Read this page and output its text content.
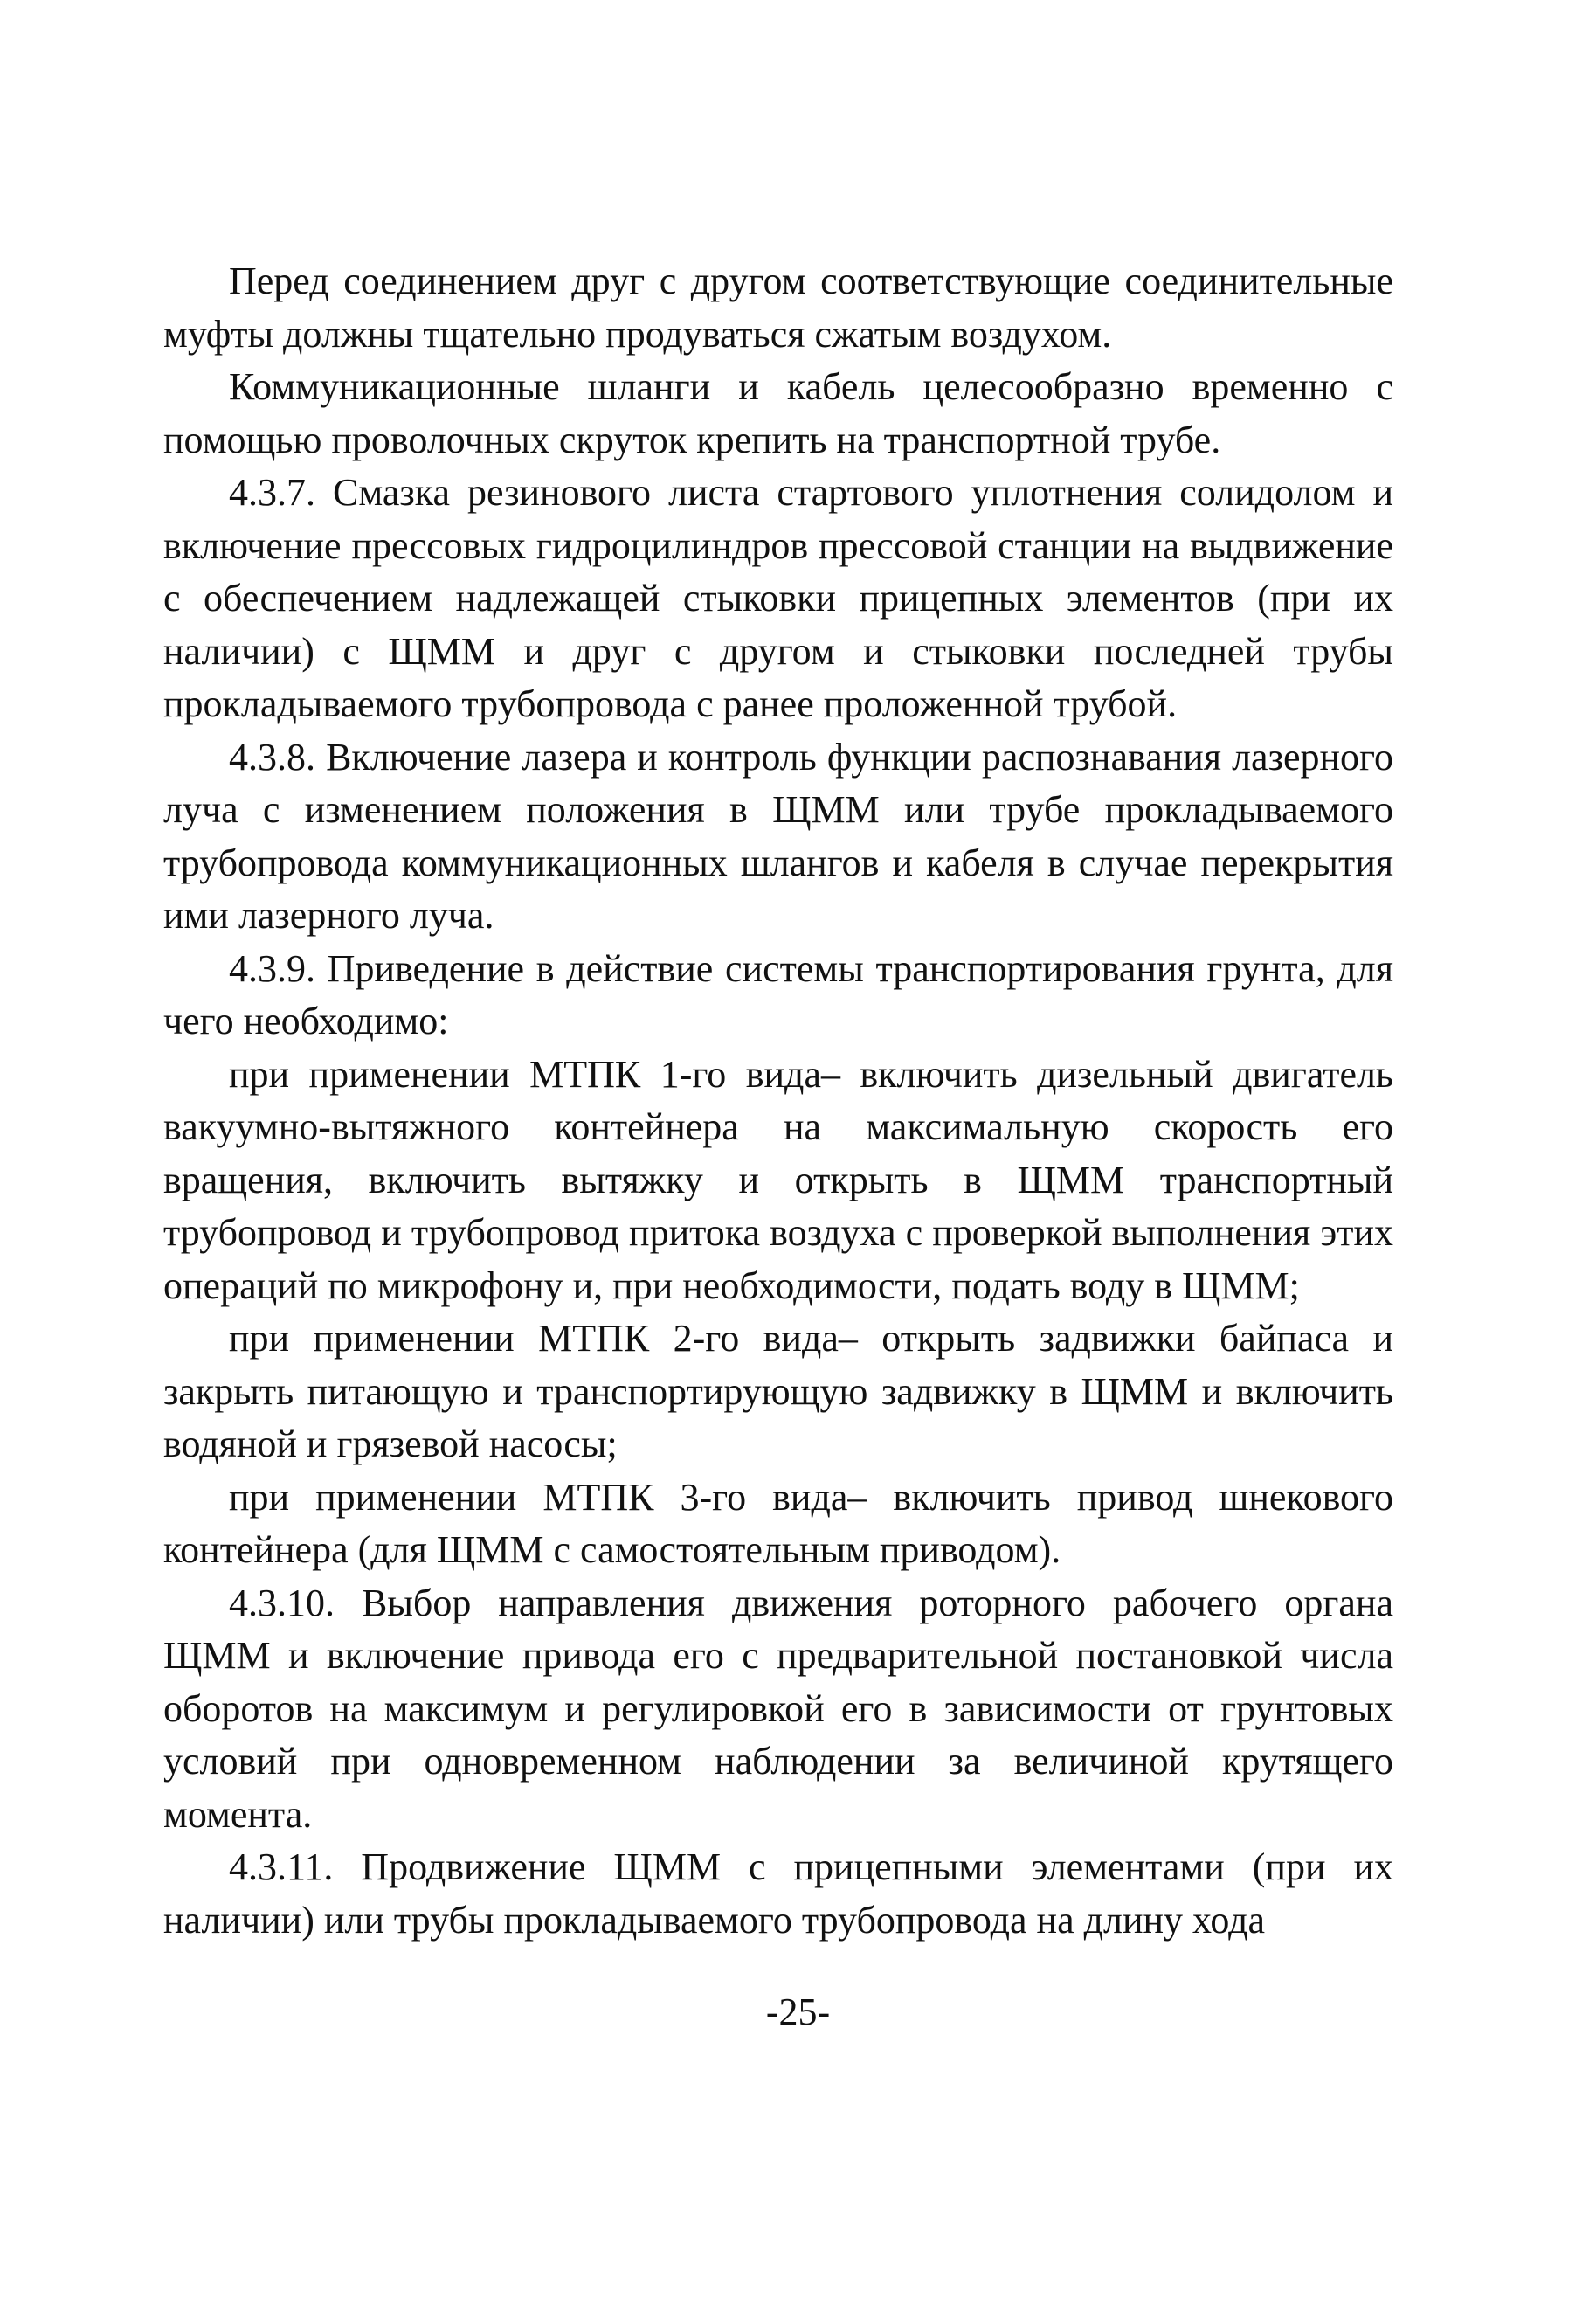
Перед соединением друг с другом соответствующие соединительные муфты должны тщательно продуваться сжатым воздухом.

Коммуникационные шланги и кабель целесообразно временно с помощью проволочных скруток крепить на транспортной трубе.

4.3.7. Смазка резинового листа стартового уплотнения солидолом и включение прессовых гидроцилиндров прессовой станции на выдвижение с обеспечением надлежащей стыковки прицепных элементов (при их наличии) с ЩММ и друг с другом и стыковки последней трубы прокладываемого трубопровода с ранее проложенной трубой.

4.3.8. Включение лазера и контроль функции распознавания лазерного луча с изменением положения в ЩММ или трубе прокладываемого трубопровода коммуникационных шлангов и кабеля в случае перекрытия ими лазерного луча.

4.3.9. Приведение в действие системы транспортирования грунта, для чего необходимо:

при применении МТПК 1-го вида– включить дизельный двигатель вакуумно-вытяжного контейнера на максимальную скорость его вращения, включить вытяжку и открыть в ЩММ транспортный трубопровод и трубопровод притока воздуха с проверкой выполнения этих операций по микрофону и, при необходимости, подать воду в ЩММ;

при применении МТПК 2-го вида– открыть задвижки байпаса и закрыть питающую и транспортирующую задвижку в ЩММ и включить водяной и грязевой насосы;

при применении МТПК 3-го вида– включить привод шнекового контейнера (для ЩММ с самостоятельным приводом).

4.3.10. Выбор направления движения роторного рабочего органа ЩММ и включение привода его с предварительной постановкой числа оборотов на максимум и регулировкой его в зависимости от грунтовых условий при одновременном наблюдении за величиной крутящего момента.

4.3.11. Продвижение ЩММ с прицепными элементами (при их наличии) или трубы прокладываемого трубопровода на длину хода

-25-
